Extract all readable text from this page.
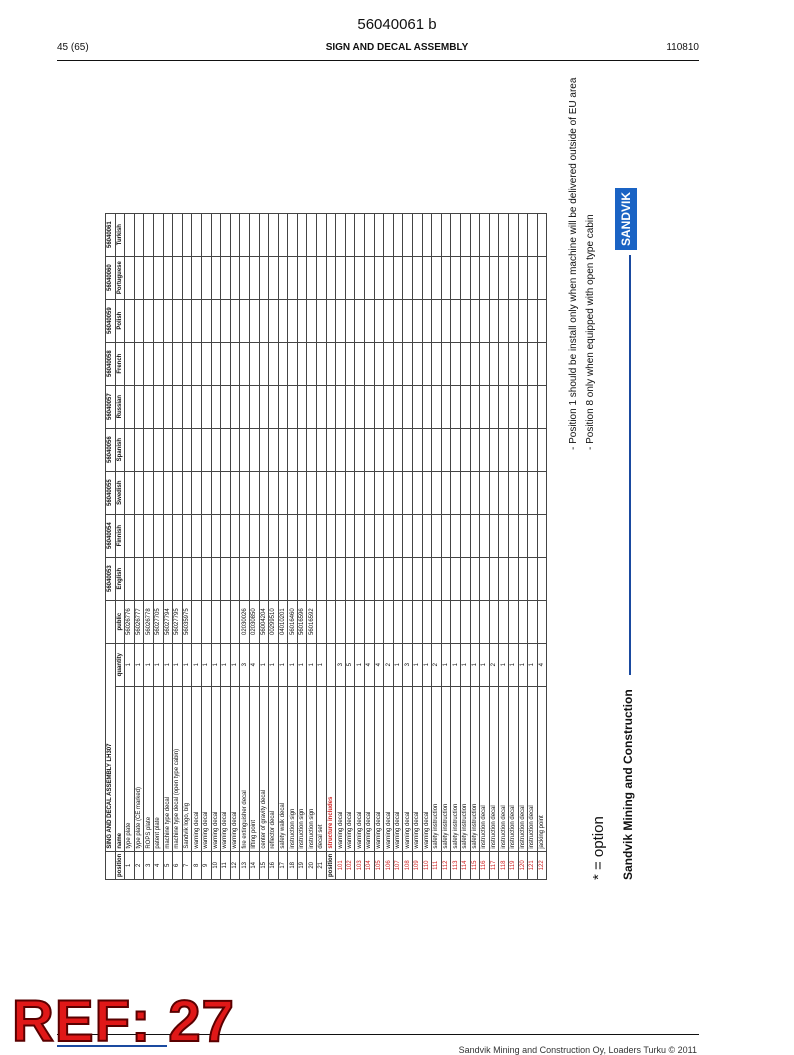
56040061 b
45 (65)	SIGN AND DECAL ASSEMBLY	110810
	SING AND DECAL ASSEMBLY LH307			56040053	56040054	56040055	56040056	56040057	56040058	56040059	56040060	56040061
position	name	quantity	public	English	Finnish	Swedish	Spanish	Russian	French	Polish	Portuguese	Turkish
1	type plate	1	56026776									
2	type plate (CE marked)	1	56026777									
3	ROPS plate	1	56026778									
4	patent plate	1	56027705									
5	machine type decal	1	56027794									
6	machine type decal (open type cabin)	1	56027795									
7	Sandvik logo, big	1	56035975									
8	warning decal	1										
9	warning decal	1										
10	warning decal	1										
11	warning decal	1										
12	warning decal	1										
13	fire extinguisher decal	3	02030026									
14	lifting point	4	02030850									
15	center of gravity decal	1	56004204									
16	reflector decal	1	00299510									
17	safety walk decal	1	04010201									
18	instruction sign	1	56016460									
19	instruction sign	1	56016596									
20	instruction sign	1	56016592									
21	decal set	1										
position	structure includes											
101	warning decal	3										
102	warning decal	5										
103	warning decal	1										
104	warning decal	4										
105	warning decal	4										
106	warning decal	2										
107	warning decal	1										
108	warning decal	3										
109	warning decal	1										
110	warning decal	1										
111	safety instruction	2										
112	safety instruction	1										
113	safety instruction	1										
114	safety instruction	1										
115	safety instruction	1										
116	instruction decal	1										
117	instruction decal	2										
118	instruction decal	1										
119	instruction decal	1										
120	instruction decal	1										
121	instruction decal	1										
122	jacking point	4										
- Position 1 should be install only when machine will be delivered outside of EU area - Position 8 only when equipped with open type cabin
* = option Sandvik Mining and Construction
SANDVIK
Sandvik Mining and Construction Oy, Loaders Turku © 2011
REF: 27
